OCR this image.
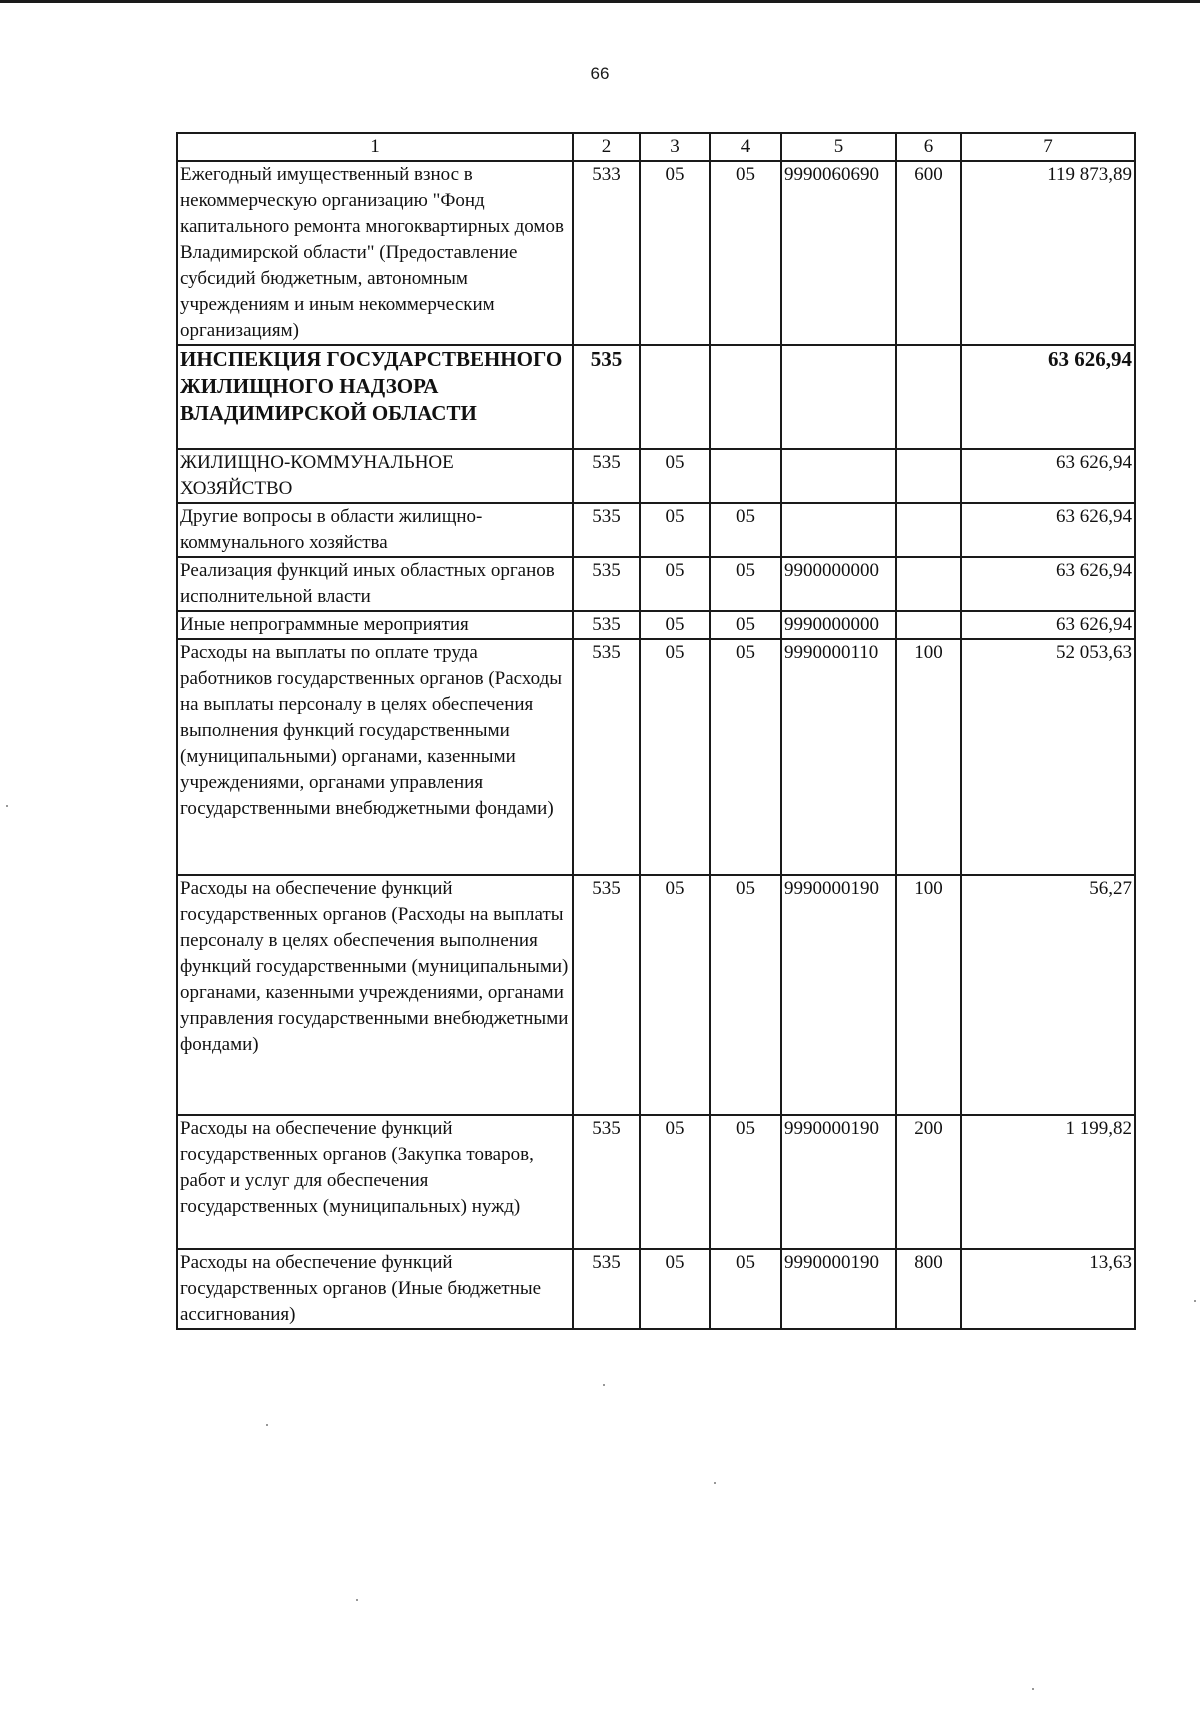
66
1	2	3	4	5	6	7
Ежегодный имущественный взнос в некоммерческую организацию "Фонд капитального ремонта многоквартирных домов Владимирской области" (Предоставление субсидий бюджетным, автономным учреждениям и иным некоммерческим организациям)	533	05	05	9990060690	600	119 873,89
ИНСПЕКЦИЯ ГОСУДАРСТВЕННОГО ЖИЛИЩНОГО НАДЗОРА ВЛАДИМИРСКОЙ ОБЛАСТИ	535					63 626,94
ЖИЛИЩНО-КОММУНАЛЬНОЕ ХОЗЯЙСТВО	535	05				63 626,94
Другие вопросы в области жилищно-коммунального хозяйства	535	05	05			63 626,94
Реализация функций иных областных органов исполнительной власти	535	05	05	9900000000		63 626,94
Иные непрограммные мероприятия	535	05	05	9990000000		63 626,94
Расходы на выплаты по оплате труда работников государственных органов (Расходы на выплаты персоналу в целях обеспечения выполнения функций государственными (муниципальными) органами, казенными учреждениями, органами управления государственными внебюджетными фондами)	535	05	05	9990000110	100	52 053,63
Расходы на обеспечение функций государственных органов (Расходы на выплаты персоналу в целях обеспечения выполнения функций государственными (муниципальными) органами, казенными учреждениями, органами управления государственными внебюджетными фондами)	535	05	05	9990000190	100	56,27
Расходы на обеспечение функций государственных органов (Закупка товаров, работ и услуг для обеспечения государственных (муниципальных) нужд)	535	05	05	9990000190	200	1 199,82
Расходы на обеспечение функций государственных органов (Иные бюджетные ассигнования)	535	05	05	9990000190	800	13,63
